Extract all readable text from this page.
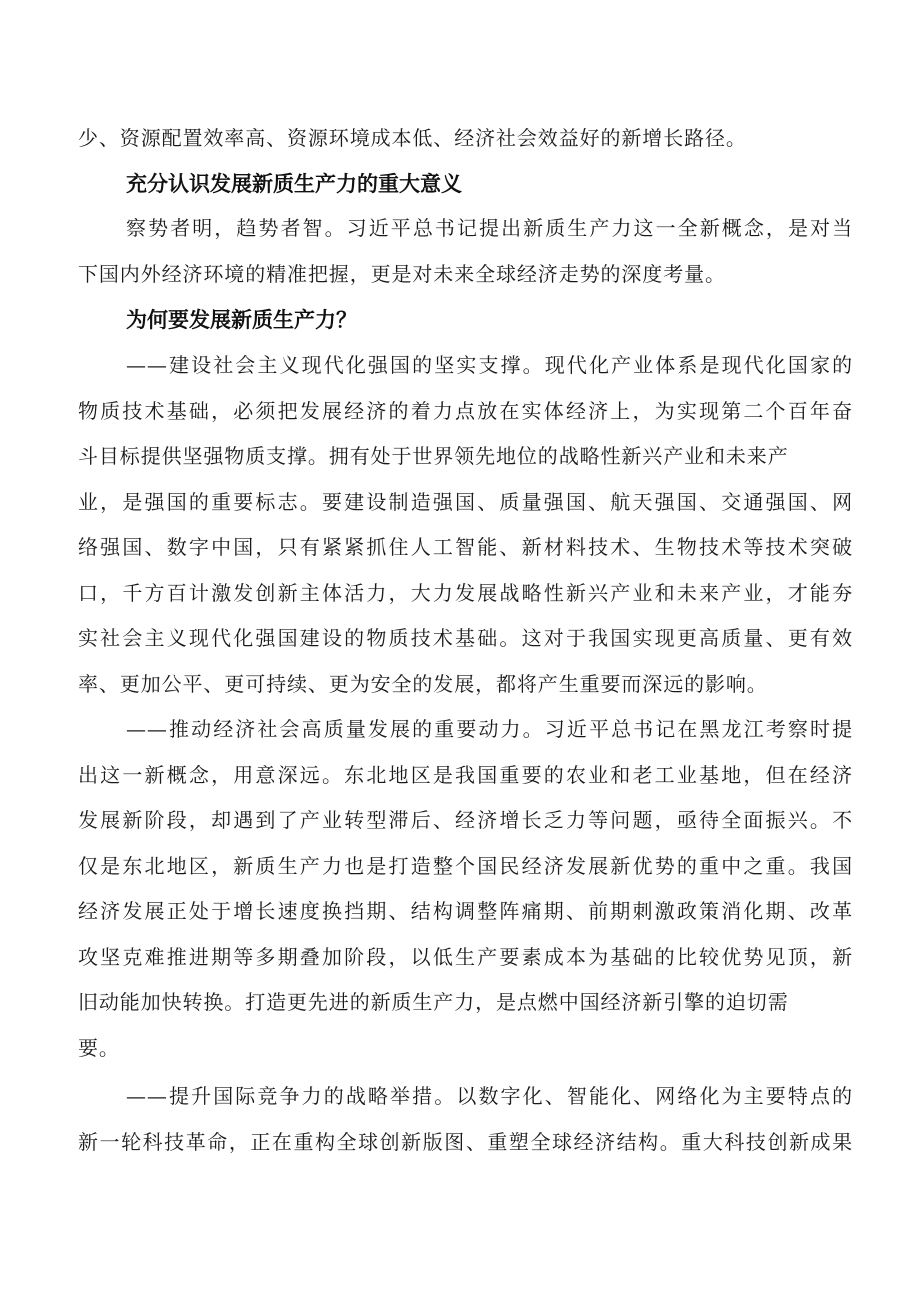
少、资源配置效率高、资源环境成本低、经济社会效益好的新增长路径。
充分认识发展新质生产力的重大意义
察势者明，趋势者智。习近平总书记提出新质生产力这一全新概念，是对当
下国内外经济环境的精准把握，更是对未来全球经济走势的深度考量。
为何要发展新质生产力？
——建设社会主义现代化强国的坚实支撑。现代化产业体系是现代化国家的
物质技术基础，必须把发展经济的着力点放在实体经济上，为实现第二个百年奋
斗目标提供坚强物质支撑。拥有处于世界领先地位的战略性新兴产业和未来产
业，是强国的重要标志。要建设制造强国、质量强国、航天强国、交通强国、网
络强国、数字中国，只有紧紧抓住人工智能、新材料技术、生物技术等技术突破
口，千方百计激发创新主体活力，大力发展战略性新兴产业和未来产业，才能夯
实社会主义现代化强国建设的物质技术基础。这对于我国实现更高质量、更有效
率、更加公平、更可持续、更为安全的发展，都将产生重要而深远的影响。
——推动经济社会高质量发展的重要动力。习近平总书记在黑龙江考察时提
出这一新概念，用意深远。东北地区是我国重要的农业和老工业基地，但在经济
发展新阶段，却遇到了产业转型滞后、经济增长乏力等问题，亟待全面振兴。不
仅是东北地区，新质生产力也是打造整个国民经济发展新优势的重中之重。我国
经济发展正处于增长速度换挡期、结构调整阵痛期、前期刺激政策消化期、改革
攻坚克难推进期等多期叠加阶段，以低生产要素成本为基础的比较优势见顶，新
旧动能加快转换。打造更先进的新质生产力，是点燃中国经济新引擎的迫切需
要。
——提升国际竞争力的战略举措。以数字化、智能化、网络化为主要特点的
新一轮科技革命，正在重构全球创新版图、重塑全球经济结构。重大科技创新成果
